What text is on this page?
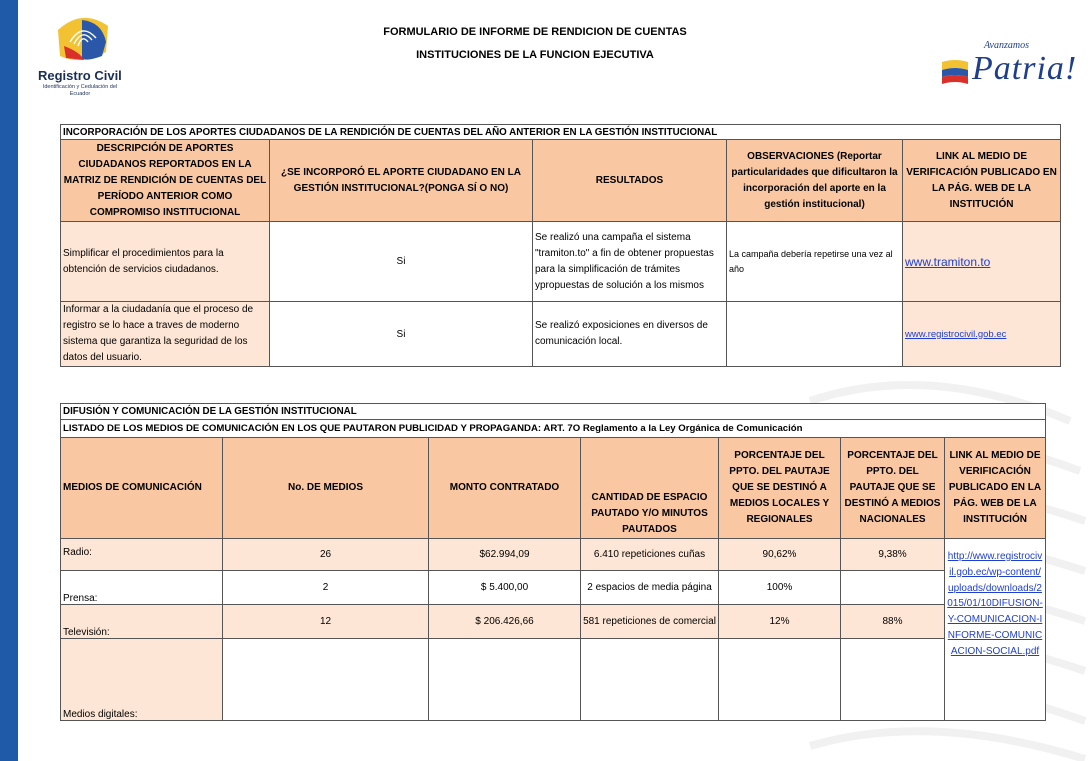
Registro Civil
Identificación y Cedulación del Ecuador
FORMULARIO DE INFORME DE RENDICION DE CUENTAS
INSTITUCIONES DE LA FUNCION EJECUTIVA
Avanzamos
Patria!
INCORPORACIÓN DE LOS APORTES CIUDADANOS DE LA RENDICIÓN DE CUENTAS DEL AÑO ANTERIOR EN LA GESTIÓN INSTITUCIONAL				
DESCRIPCIÓN DE APORTES CIUDADANOS REPORTADOS EN LA MATRIZ DE RENDICIÓN DE CUENTAS DEL PERÍODO ANTERIOR COMO COMPROMISO INSTITUCIONAL	¿SE INCORPORÓ EL APORTE CIUDADANO EN LA GESTIÓN INSTITUCIONAL?(PONGA SÍ O NO)	RESULTADOS	OBSERVACIONES (Reportar particularidades que dificultaron la incorporación del aporte en la gestión institucional)	LINK AL MEDIO DE VERIFICACIÓN PUBLICADO EN LA PÁG. WEB DE LA INSTITUCIÓN
Simplificar el procedimientos para la obtención de servicios ciudadanos.	Si	Se realizó una campaña el sistema "tramiton.to" a fin de obtener propuestas para la simplificación de trámites ypropuestas de solución a los mismos	La campaña debería repetirse una vez al año	www.tramiton.to
Informar a la ciudadanía que el proceso de registro se lo hace a traves de moderno sistema que garantiza la seguridad de los datos del usuario.	Si	Se realizó exposiciones en diversos de comunicación local.		www.registrocivil.gob.ec
DIFUSIÓN Y COMUNICACIÓN DE LA GESTIÓN INSTITUCIONAL						
LISTADO DE LOS MEDIOS DE COMUNICACIÓN EN LOS QUE PAUTARON PUBLICIDAD Y PROPAGANDA: ART. 7O Reglamento a la Ley Orgánica de Comunicación						
MEDIOS DE COMUNICACIÓN	No. DE MEDIOS	MONTO CONTRATADO	CANTIDAD DE ESPACIO PAUTADO Y/O MINUTOS PAUTADOS	PORCENTAJE DEL PPTO. DEL PAUTAJE QUE SE DESTINÓ A MEDIOS LOCALES Y REGIONALES	PORCENTAJE DEL PPTO. DEL PAUTAJE QUE SE DESTINÓ A MEDIOS NACIONALES	LINK AL MEDIO DE VERIFICACIÓN PUBLICADO EN LA PÁG. WEB DE LA INSTITUCIÓN
Radio:	26	$62.994,09	6.410 repeticiones cuñas	90,62%	9,38%	http://www.registrocivil.gob.ec/wp-content/uploads/downloads/2015/01/10DIFUSION-Y-COMUNICACION-INFORME-COMUNICACION-SOCIAL.pdf
Prensa:	2	$ 5.400,00	2 espacios de media página	100%		
Televisión:	12	$ 206.426,66	581 repeticiones de comercial	12%	88%	
Medios digitales:						
